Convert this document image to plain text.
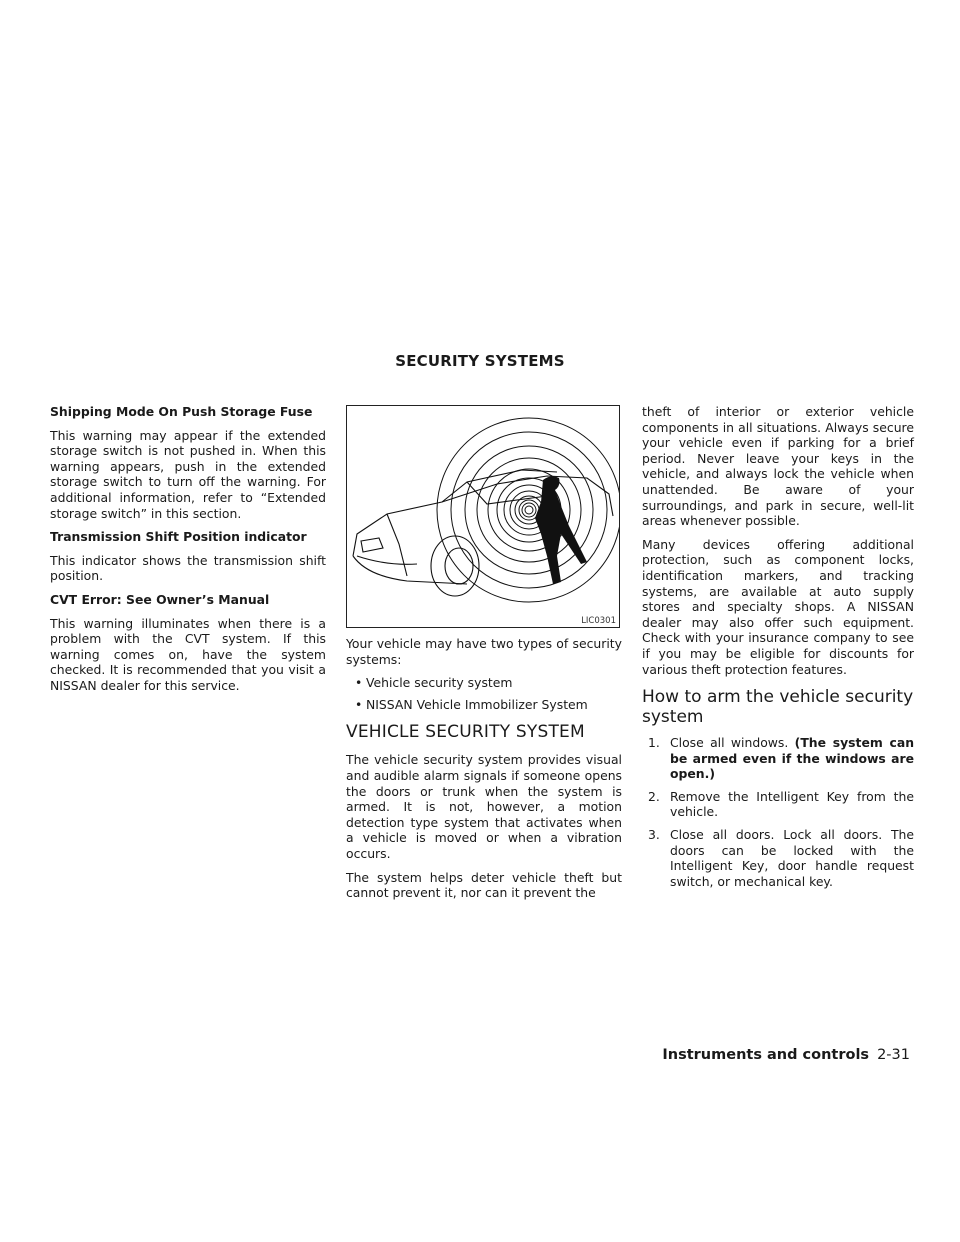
SECURITY SYSTEMS

Shipping Mode On Push Storage Fuse

This warning may appear if the extended storage switch is not pushed in. When this warning appears, push in the extended storage switch to turn off the warning. For additional information, refer to “Extended storage switch” in this section.

Transmission Shift Position indicator

This indicator shows the transmission shift position.

CVT Error: See Owner’s Manual

This warning illuminates when there is a problem with the CVT system. If this warning comes on, have the system checked. It is recommended that you visit a NISSAN dealer for this service.

LIC0301

Your vehicle may have two types of security systems:

• Vehicle security system
• NISSAN Vehicle Immobilizer System
VEHICLE SECURITY SYSTEM

The vehicle security system provides visual and audible alarm signals if someone opens the doors or trunk when the system is armed. It is not, however, a motion detection type system that activates when a vehicle is moved or when a vibration occurs.

The system helps deter vehicle theft but cannot prevent it, nor can it prevent the

theft of interior or exterior vehicle components in all situations. Always secure your vehicle even if parking for a brief period. Never leave your keys in the vehicle, and always lock the vehicle when unattended. Be aware of your surroundings, and park in secure, well-lit areas whenever possible.

Many devices offering additional protection, such as component locks, identification markers, and tracking systems, are available at auto supply stores and specialty shops. A NISSAN dealer may also offer such equipment. Check with your insurance company to see if you may be eligible for discounts for various theft protection features.

How to arm the vehicle security system
1. Close all windows. (The system can be armed even if the windows are open.)
2. Remove the Intelligent Key from the vehicle.
3. Close all doors. Lock all doors. The doors can be locked with the Intelligent Key, door handle request switch, or mechanical key.
Instruments and controls 2-31
